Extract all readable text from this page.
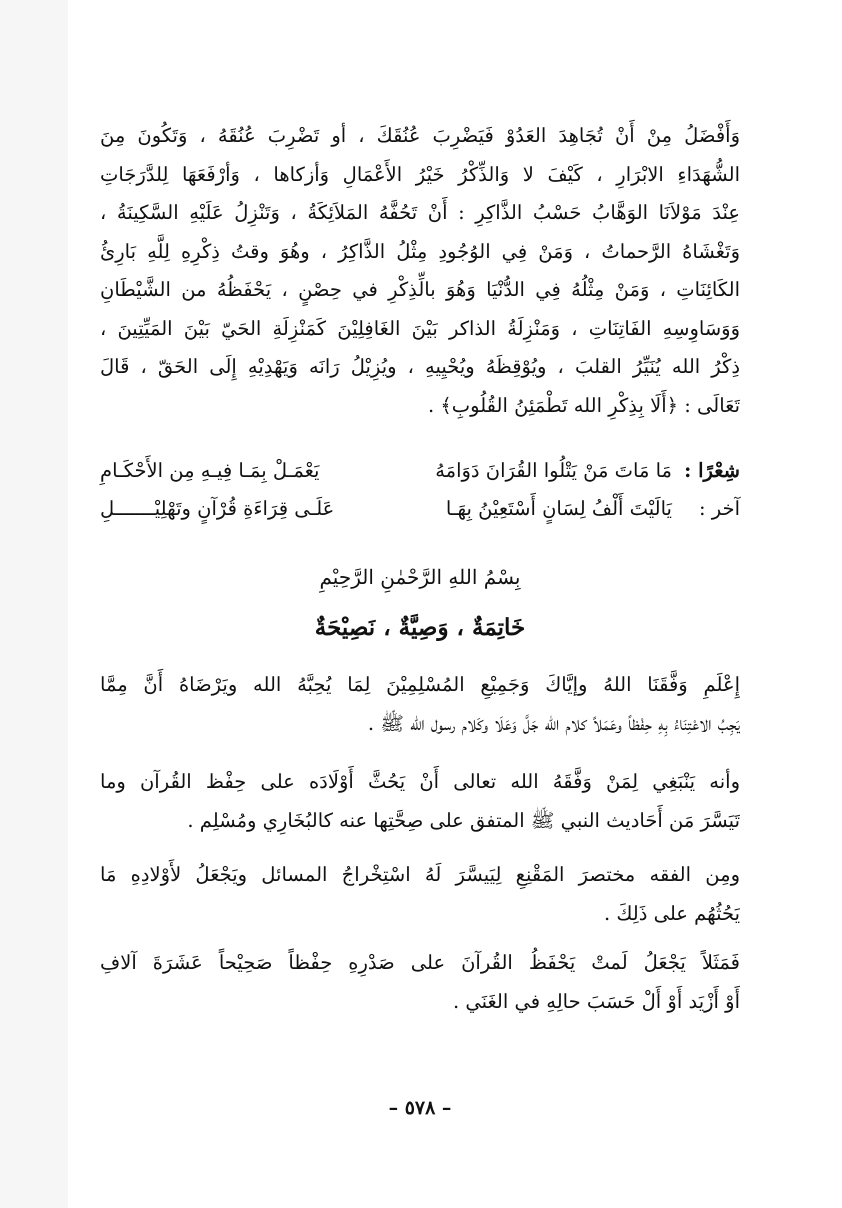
وَأَفْضَلُ مِنْ أَنْ تُجَاهِدَ العَدُوْ فَيَضْرِبَ عُنُقَكَ ، أو تَضْرِبَ عُنُقَهُ ، وَتَكُونَ مِنَ
الشُّهَدَاءِ الابْرَارِ ، كَيْفَ لا وَالذِّكْرُ خَيْرُ الأَعْمَالِ وَأزكاها ، وَأرْفَعَهَا لِلدَّرَجَاتِ
عِنْدَ مَوْلاَنَا الوَهَّابُ حَسْبُ الذَّاكِرِ : أَنْ تَحُفَّهُ المَلاَئِكَةُ ، وَتَنْزِلُ عَلَيْهِ السَّكِينَةُ ،
وَتَغْشَاهُ الرَّحماتُ ، وَمَنْ فِي الوُجُودِ مِثْلُ الذَّاكِرُ ، وهُوَ وقتُ ذِكْرِهِ لِلَّهِ بَارِئُ
الكَائِنَاتِ ، وَمَنْ مِثْلُهُ فِي الدُّنْيَا وَهُوَ بالِّذِكْرِ في حِصْنٍ ، يَحْفَظُهُ من الشَّيْطَانِ
وَوَسَاوِسِهِ الفَاتِنَاتِ ، وَمَنْزِلَةُ الذاكر بَيْنَ الغَافِلِيْنَ كَمَنْزِلَةِ الحَيّ بَيْنَ المَيِّتِينَ ،
ذِكْرُ الله يُنَيِّرُ القلبَ ، ويُوْقِظَهُ ويُحْيِيهِ ، ويُزِيْلُ رَانَه وَيَهْدِيْهِ إِلَى الحَقّ ، قَالَ
تَعَالَى : ﴿أَلَا بِذِكْرِ الله تَطْمَئِنُ القُلُوبِ﴾ .
شِعْرًا :
مَا مَاتَ مَنْ يَتْلُوا القُرَانَ دَوَامَهُ
يَعْمَـلْ بِمَـا فِيـهِ مِن الأَحْكَـامِ
آخر :
يَالَيْتَ أَلْفُ لِسَانٍ أَسْتَعِيْنُ بِهَـا
عَلَـى قِرَاءَةِ قُرْآنٍ وتَهْلِيْـــــــلِ
بِسْمُ اللهِ الرَّحْمٰنِ الرَّحِيْمِ
خَاتِمَةٌ ، وَصِيَّةٌ ، نَصِيْحَةٌ
إِعْلَمِ وَفَّقَنَا اللهُ وإيَّاكَ وَجَمِيْعِ المُسْلِمِيْنَ لِمَا يُحِبَّهُ الله ويَرْضَاهُ أَنَّ مِمَّا
يَجِبُ الاعْتِنَاءُ بِهِ حِفْظاً وعَمَلاً كلام الله جَلَّ وَعَلَا وكَلام رسول الله ﷺ .
وأنه يَنْبَغِي لِمَنْ وَفَّقَهُ الله تعالى أَنْ يَحُثَّ أَوْلَادَه على حِفْظ القُرآن وما
تَيَسَّرَ مَن أَحَاديث النبي ﷺ المتفق على صِحَّتِها عنه كالبُخَارِي ومُسْلِم .
ومِن الفقه مختصرَ المَقْنِعِ لِيَيسَّرَ لَهُ اسْتِخْراجُ المسائل ويَجْعَلُ لأَوْلادِهِ مَا
يَحُثُهُم على ذَلِكَ .
فَمَثَلاً يَجْعَلُ لَمتْ يَحْفَظُ القُرآنَ على صَدْرِهِ حِفْظاً صَحِيْحاً عَشَرَةَ آلافِ
أَوْ أَزْيَد أَوْ أَلْ حَسَبَ حالِهِ في الغَنَي .
– ٥٧٨ –
